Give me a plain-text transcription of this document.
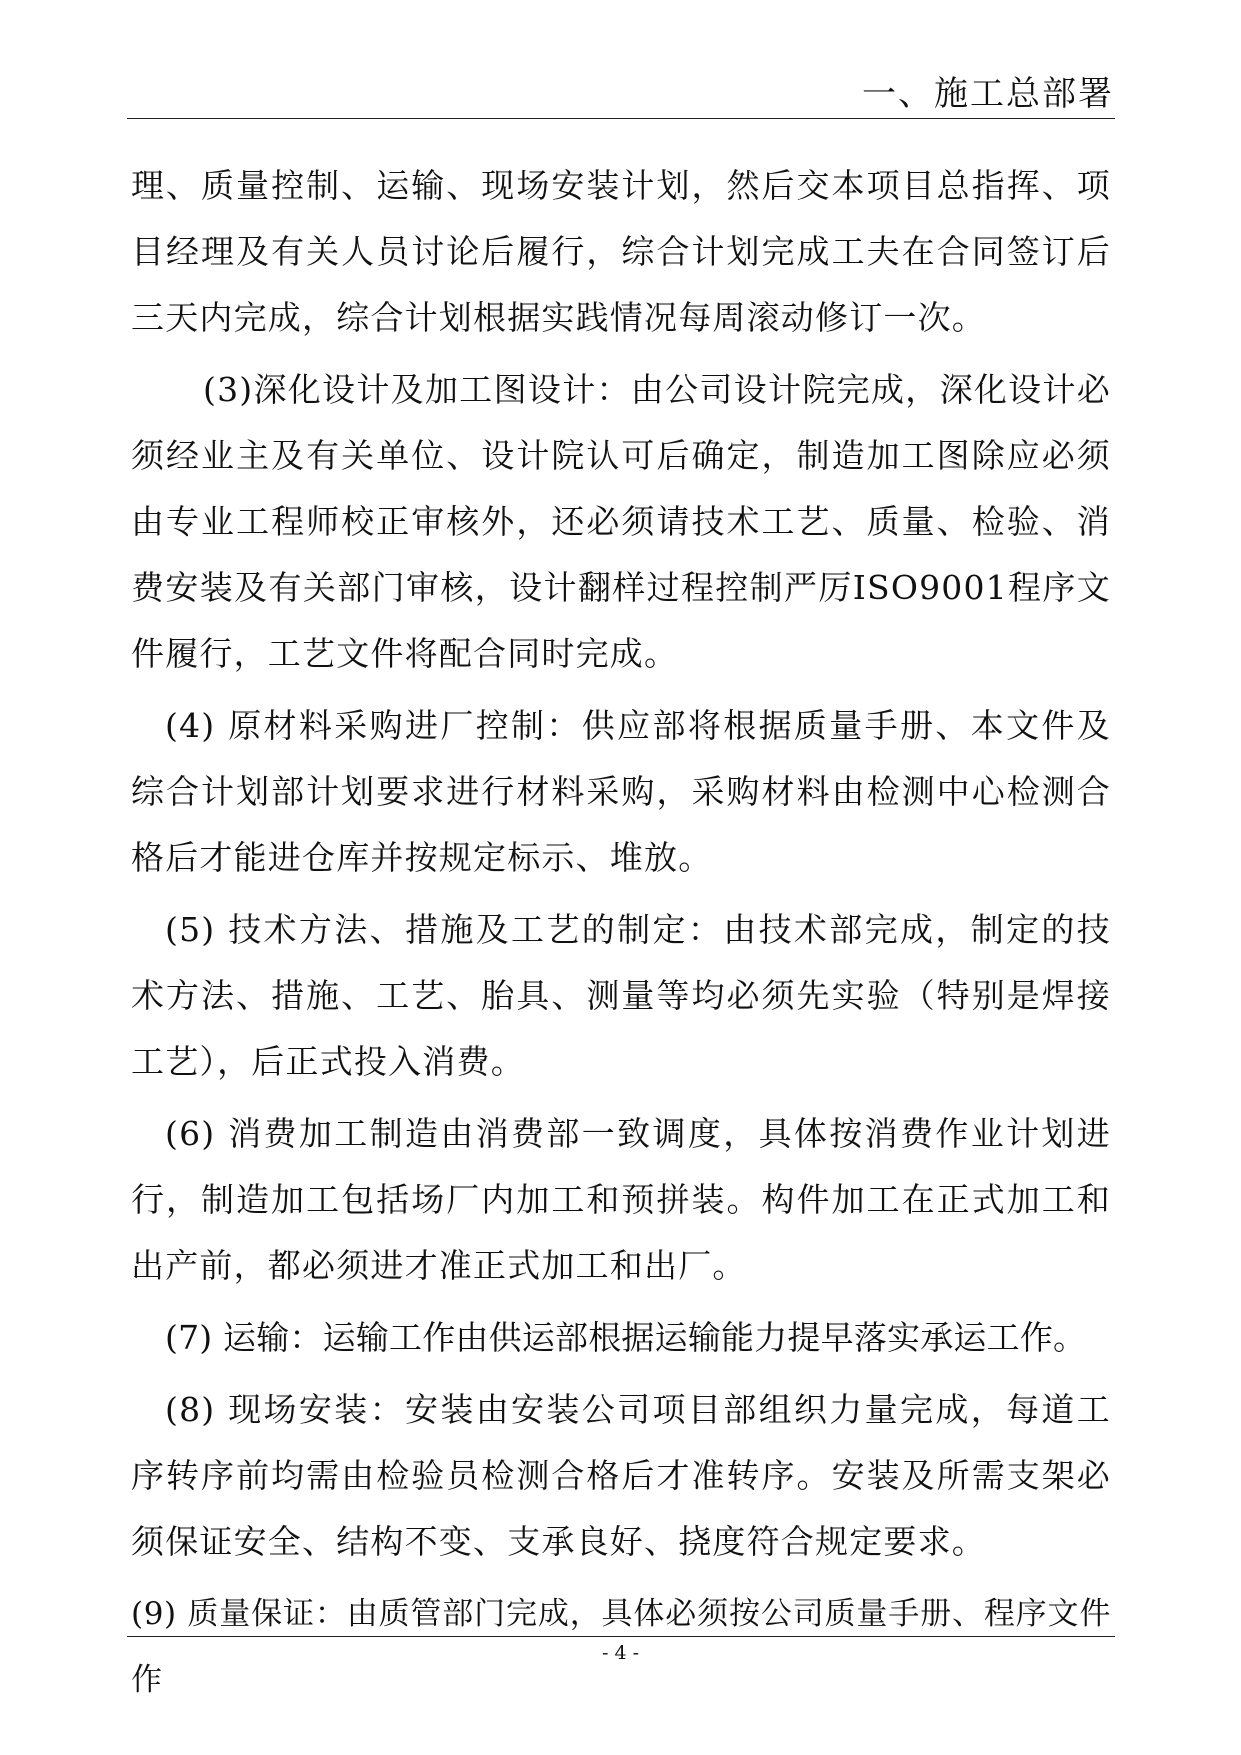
一、施工总部署

理、质量控制、运输、现场安装计划，然后交本项目总指挥、项目经理及有关人员讨论后履行，综合计划完成工夫在合同签订后三天内完成，综合计划根据实践情况每周滚动修订一次。

(3)深化设计及加工图设计：由公司设计院完成，深化设计必须经业主及有关单位、设计院认可后确定，制造加工图除应必须由专业工程师校正审核外，还必须请技术工艺、质量、检验、消费安装及有关部门审核，设计翻样过程控制严厉ISO9001程序文件履行，工艺文件将配合同时完成。

(4) 原材料采购进厂控制：供应部将根据质量手册、本文件及综合计划部计划要求进行材料采购，采购材料由检测中心检测合格后才能进仓库并按规定标示、堆放。

(5) 技术方法、措施及工艺的制定：由技术部完成，制定的技术方法、措施、工艺、胎具、测量等均必须先实验（特别是焊接工艺），后正式投入消费。

(6) 消费加工制造由消费部一致调度，具体按消费作业计划进行，制造加工包括场厂内加工和预拼装。构件加工在正式加工和出产前，都必须进才准正式加工和出厂。

(7) 运输：运输工作由供运部根据运输能力提早落实承运工作。

(8) 现场安装：安装由安装公司项目部组织力量完成，每道工序转序前均需由检验员检测合格后才准转序。安装及所需支架必须保证安全、结构不变、支承良好、挠度符合规定要求。

(9) 质量保证：由质管部门完成，具体必须按公司质量手册、程序文件作

- 4 -
